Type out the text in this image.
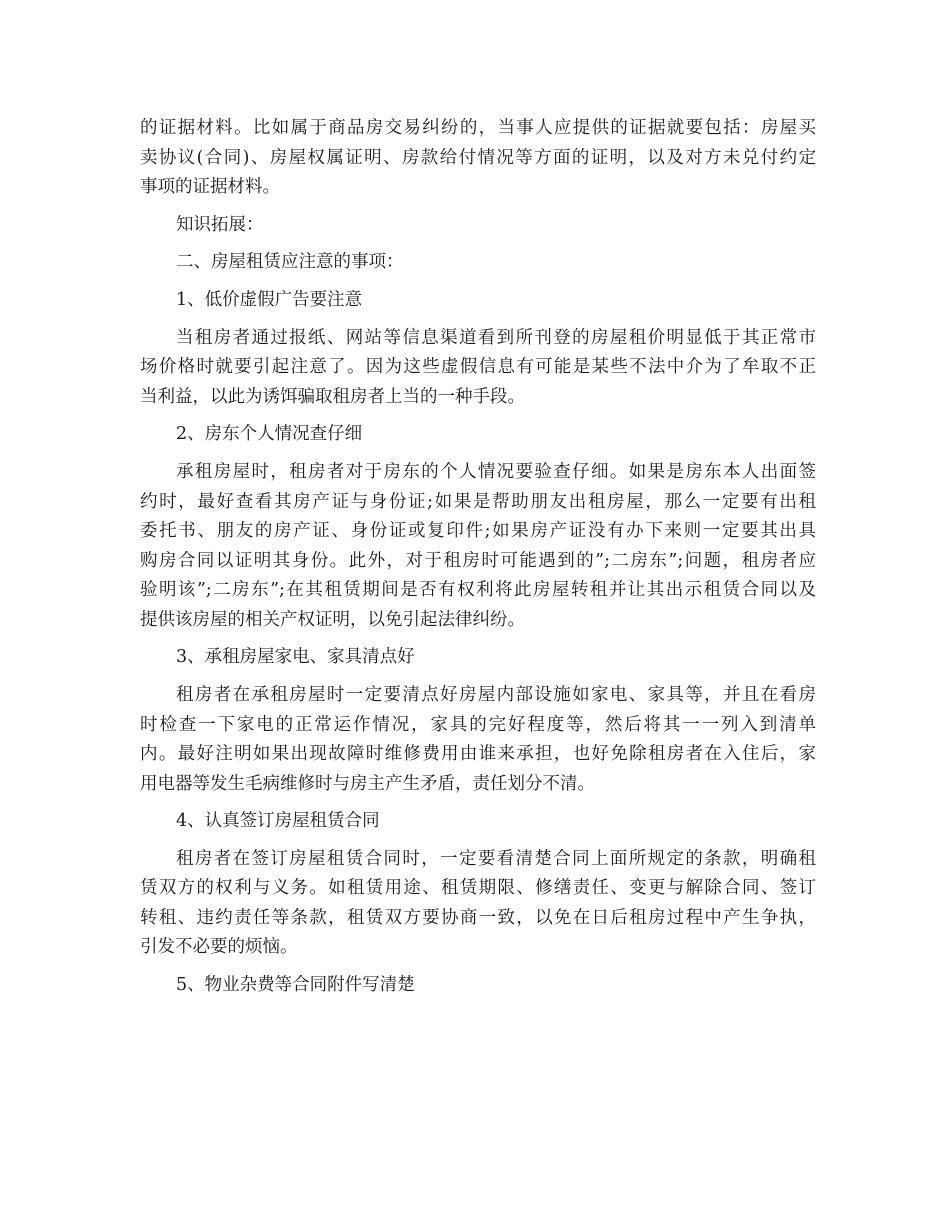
的证据材料。比如属于商品房交易纠纷的，当事人应提供的证据就要包括：房屋买
卖协议(合同)、房屋权属证明、房款给付情况等方面的证明，以及对方未兑付约定
事项的证据材料。
知识拓展：
二、房屋租赁应注意的事项：
1、低价虚假广告要注意
当租房者通过报纸、网站等信息渠道看到所刊登的房屋租价明显低于其正常市
场价格时就要引起注意了。因为这些虚假信息有可能是某些不法中介为了牟取不正
当利益，以此为诱饵骗取租房者上当的一种手段。
2、房东个人情况查仔细
承租房屋时，租房者对于房东的个人情况要验查仔细。如果是房东本人出面签
约时，最好查看其房产证与身份证;如果是帮助朋友出租房屋，那么一定要有出租
委托书、朋友的房产证、身份证或复印件;如果房产证没有办下来则一定要其出具
购房合同以证明其身份。此外，对于租房时可能遇到的”;二房东”;问题，租房者应
验明该”;二房东”;在其租赁期间是否有权利将此房屋转租并让其出示租赁合同以及
提供该房屋的相关产权证明，以免引起法律纠纷。
3、承租房屋家电、家具清点好
租房者在承租房屋时一定要清点好房屋内部设施如家电、家具等，并且在看房
时检查一下家电的正常运作情况，家具的完好程度等，然后将其一一列入到清单
内。最好注明如果出现故障时维修费用由谁来承担，也好免除租房者在入住后，家
用电器等发生毛病维修时与房主产生矛盾，责任划分不清。
4、认真签订房屋租赁合同
租房者在签订房屋租赁合同时，一定要看清楚合同上面所规定的条款，明确租
赁双方的权利与义务。如租赁用途、租赁期限、修缮责任、变更与解除合同、签订
转租、违约责任等条款，租赁双方要协商一致，以免在日后租房过程中产生争执，
引发不必要的烦恼。
5、物业杂费等合同附件写清楚
